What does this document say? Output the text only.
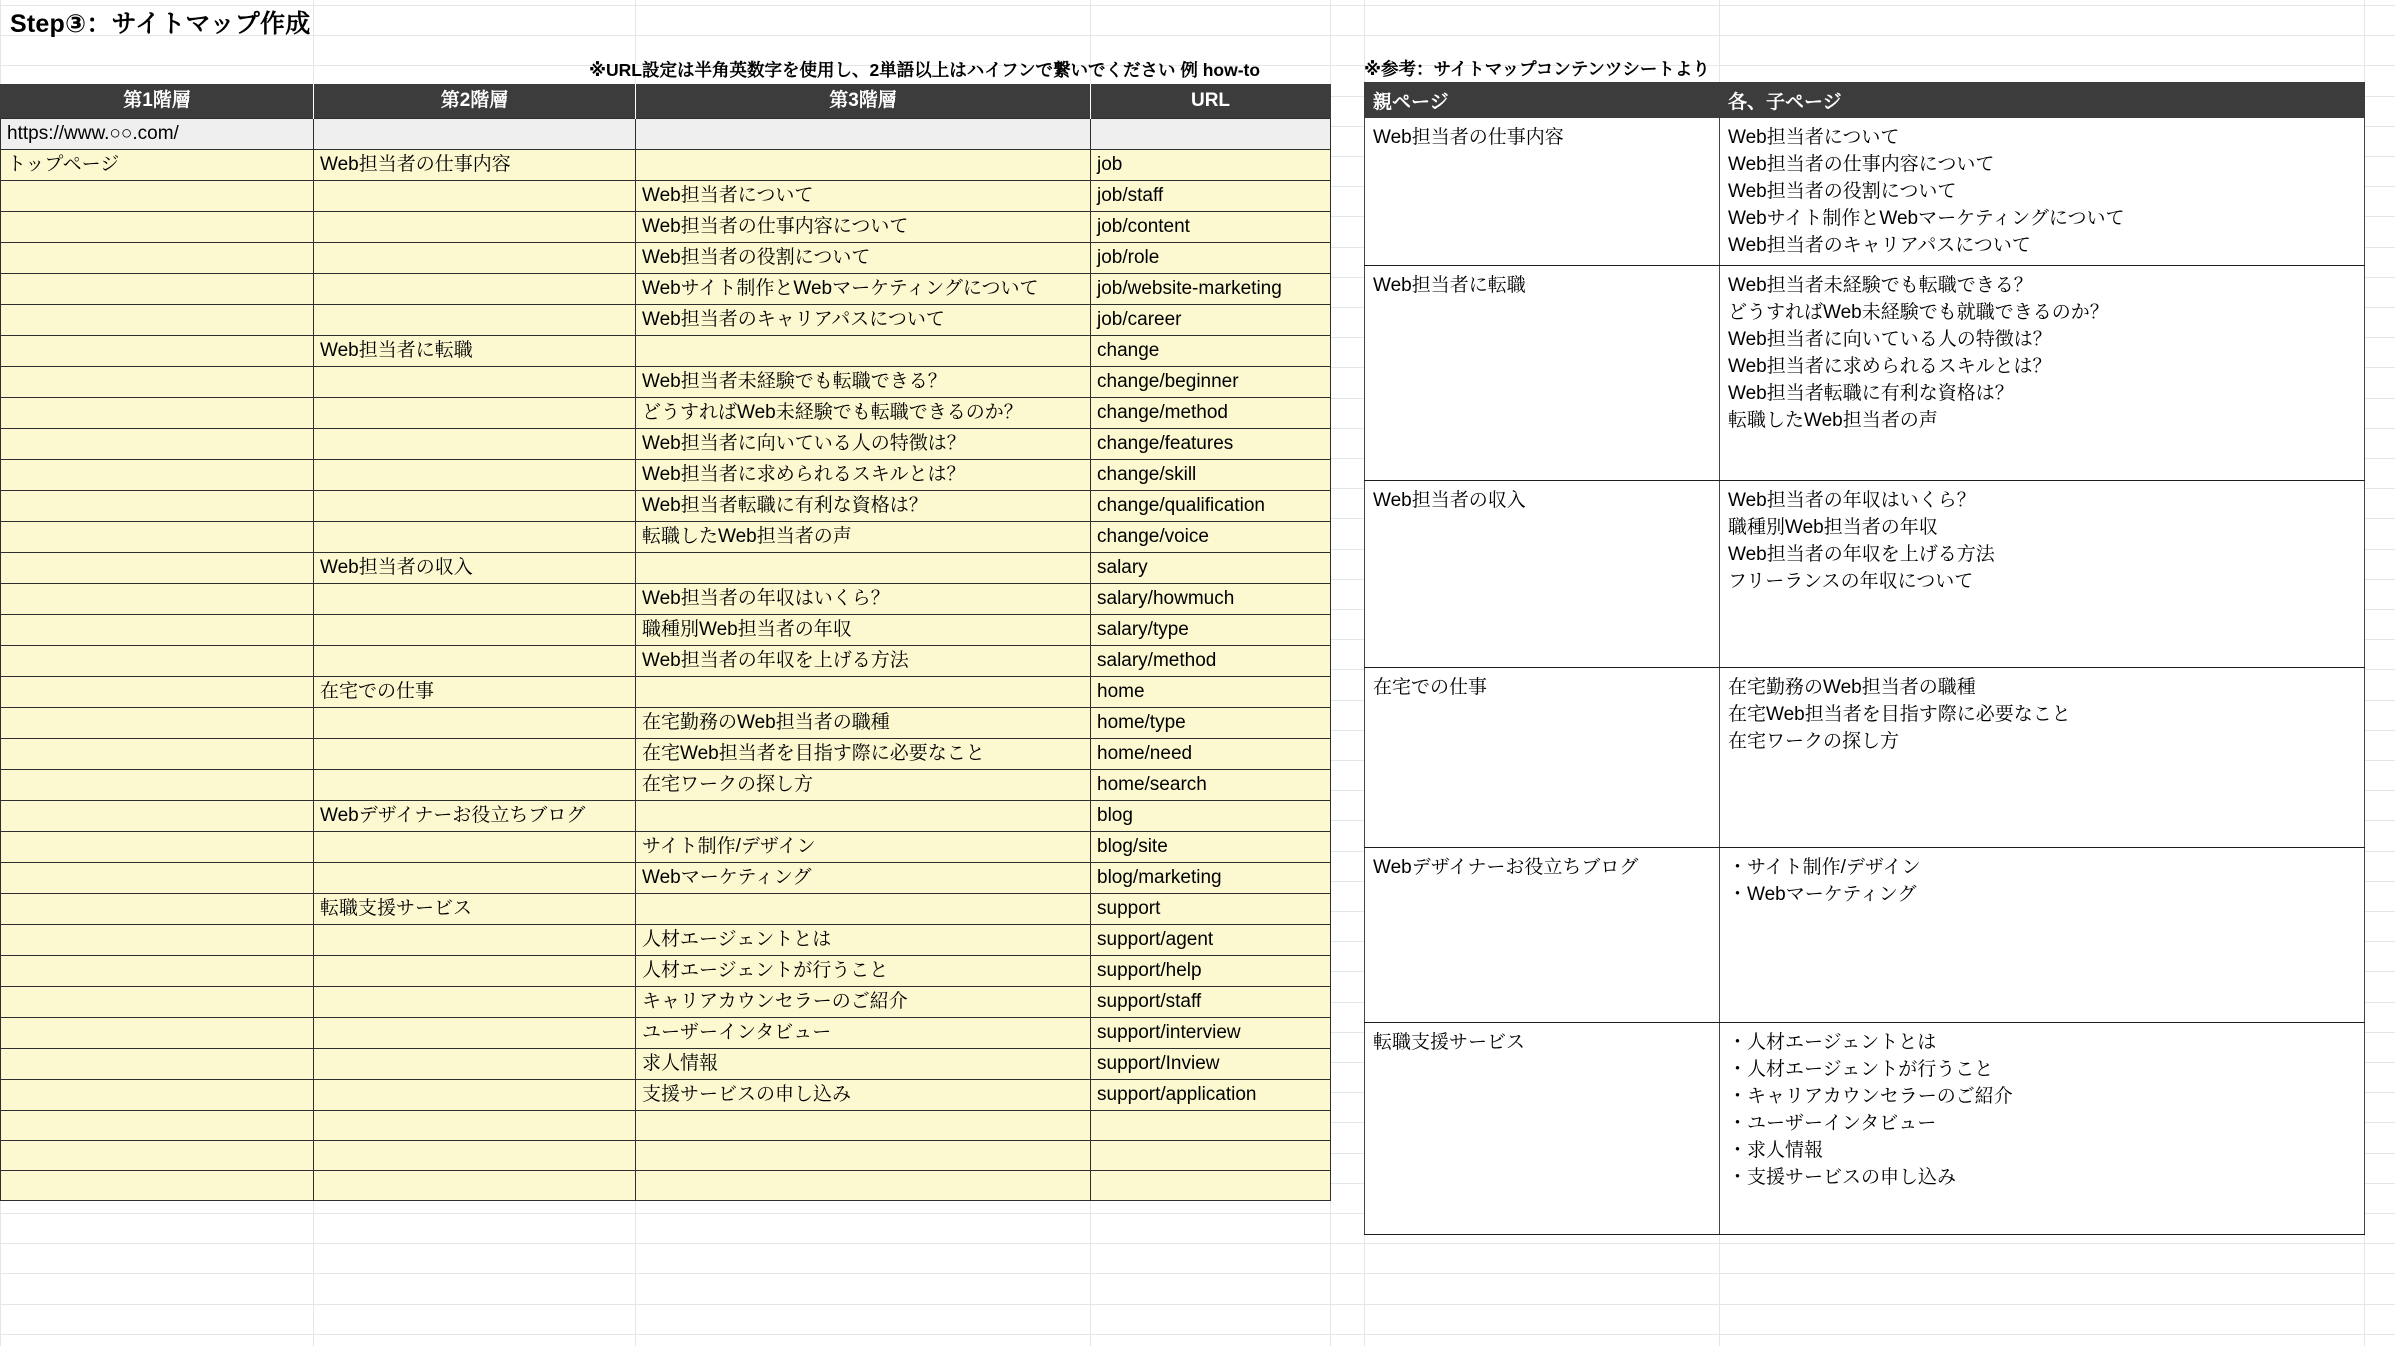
Step③：サイトマップ作成
※URL設定は半角英数字を使用し、2単語以上はハイフンで繋いでください 例 how-to	※参考：サイトマップコンテンツシートより
第1階層	第2階層	第3階層	URL
https://www.○○.com/			
トップページ	Web担当者の仕事内容		job
		Web担当者について	job/staff
		Web担当者の仕事内容について	job/content
		Web担当者の役割について	job/role
		Webサイト制作とWebマーケティングについて	job/website-marketing
		Web担当者のキャリアパスについて	job/career
	Web担当者に転職		change
		Web担当者未経験でも転職できる？	change/beginner
		どうすればWeb未経験でも転職できるのか？	change/method
		Web担当者に向いている人の特徴は？	change/features
		Web担当者に求められるスキルとは？	change/skill
		Web担当者転職に有利な資格は？	change/qualification
		転職したWeb担当者の声	change/voice
	Web担当者の収入		salary
		Web担当者の年収はいくら？	salary/howmuch
		職種別Web担当者の年収	salary/type
		Web担当者の年収を上げる方法	salary/method
	在宅での仕事		home
		在宅勤務のWeb担当者の職種	home/type
		在宅Web担当者を目指す際に必要なこと	home/need
		在宅ワークの探し方	home/search
	Webデザイナーお役立ちブログ		blog
		サイト制作/デザイン	blog/site
		Webマーケティング	blog/marketing
	転職支援サービス		support
		人材エージェントとは	support/agent
		人材エージェントが行うこと	support/help
		キャリアカウンセラーのご紹介	support/staff
		ユーザーインタビュー	support/interview
		求人情報	support/Inview
		支援サービスの申し込み	support/application

親ページ	各、子ページ
Web担当者の仕事内容	Web担当者について
Web担当者の仕事内容について
Web担当者の役割について
Webサイト制作とWebマーケティングについて
Web担当者のキャリアパスについて

Web担当者に転職	Web担当者未経験でも転職できる？
どうすればWeb未経験でも就職できるのか？
Web担当者に向いている人の特徴は？
Web担当者に求められるスキルとは？
Web担当者転職に有利な資格は？
転職したWeb担当者の声

Web担当者の収入	Web担当者の年収はいくら？
職種別Web担当者の年収
Web担当者の年収を上げる方法
フリーランスの年収について

在宅での仕事	在宅勤務のWeb担当者の職種
在宅Web担当者を目指す際に必要なこと
在宅ワークの探し方

Webデザイナーお役立ちブログ	・サイト制作/デザイン
・Webマーケティング

転職支援サービス	・人材エージェントとは
・人材エージェントが行うこと
・キャリアカウンセラーのご紹介
・ユーザーインタビュー
・求人情報
・支援サービスの申し込み
